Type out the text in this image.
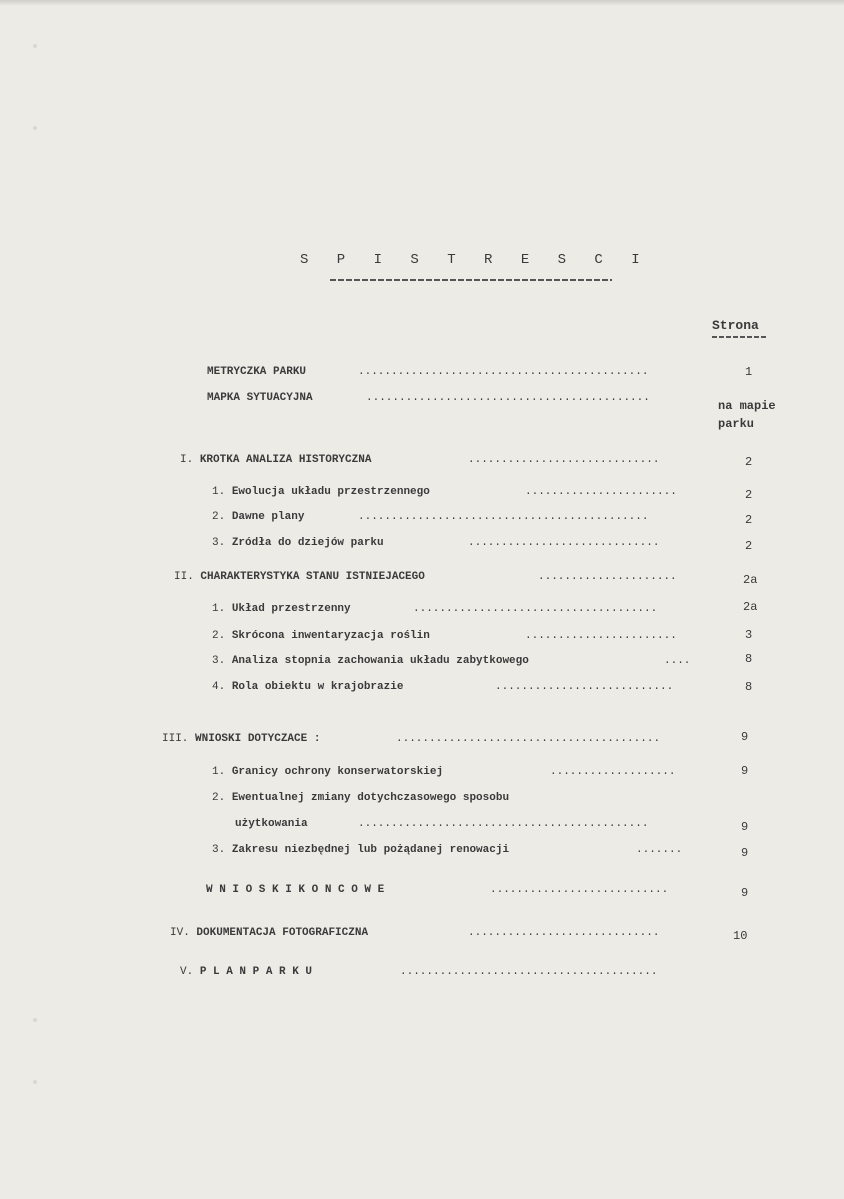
S P I S T R E S C I
Strona
METRYCZKA PARKU	............................................	1
MAPKA SYTUACYJNA	...........................................
na mapie
parku
I. KROTKA ANALIZA HISTORYCZNA	.............................	2
1. Ewolucja układu przestrzennego	.......................	2
2. Dawne plany	............................................	2
3. Zródła do dziejów parku	.............................	2
II. CHARAKTERYSTYKA STANU ISTNIEJACEGO	.....................	2a
1. Układ przestrzenny	.....................................	2a
2. Skrócona inwentaryzacja roślin	.......................	3
3. Analiza stopnia zachowania układu zabytkowego	....	8
4. Rola obiektu w krajobrazie	...........................	8
III. WNIOSKI DOTYCZACE :	........................................	9
1. Granicy ochrony konserwatorskiej	...................	9
2. Ewentualnej zmiany dotychczasowego sposobu
użytkowania	............................................	9
3. Zakresu niezbędnej lub pożądanej renowacji	.......	9
W N I O S K I K O N C O W E	...........................	9
IV. DOKUMENTACJA FOTOGRAFICZNA	.............................	10
V. P L A N P A R K U	.......................................
